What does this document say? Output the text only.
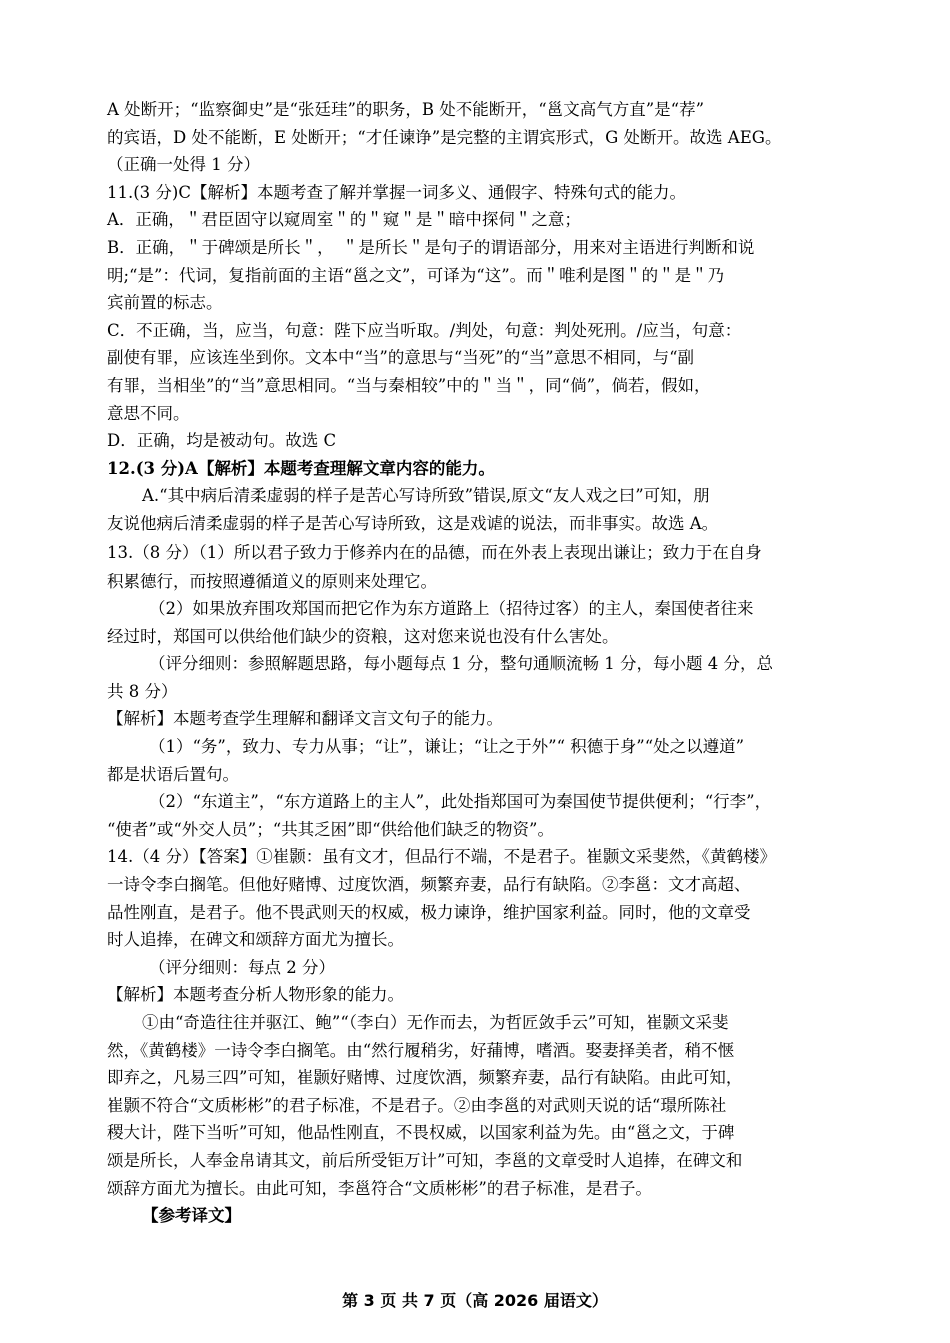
A 处断开；“监察御史”是“张廷珪”的职务，B 处不能断开，“邕文高气方直”是“荐”
的宾语，D 处不能断，E 处断开；“才任谏诤”是完整的主谓宾形式，G 处断开。故选 AEG。
（正确一处得 1 分）
11.(3 分)C【解析】本题考查了解并掌握一词多义、通假字、特殊句式的能力。
A．正确，＂君臣固守以窥周室＂的＂窥＂是＂暗中探伺＂之意；
B．正确，＂于碑颂是所长＂，　＂是所长＂是句子的谓语部分，用来对主语进行判断和说
明;“是”：代词，复指前面的主语“邕之文”，可译为“这”。而＂唯利是图＂的＂是＂乃
宾前置的标志。
C．不正确，当，应当，句意：陛下应当听取。/判处，句意：判处死刑。/应当，句意：
副使有罪，应该连坐到你。文本中“当”的意思与“当死”的“当”意思不相同，与“副
有罪，当相坐”的“当”意思相同。“当与秦相较”中的＂当＂，同“倘”，倘若，假如，
意思不同。
D．正确，均是被动句。故选 C
12.(3 分)A【解析】本题考查理解文章内容的能力。
A.“其中病后清柔虚弱的样子是苦心写诗所致”错误,原文“友人戏之曰”可知，朋
友说他病后清柔虚弱的样子是苦心写诗所致，这是戏谑的说法，而非事实。故选 A。
13.（8 分）（1）所以君子致力于修养内在的品德，而在外表上表现出谦让；致力于在自身
积累德行，而按照遵循道义的原则来处理它。
（2）如果放弃围攻郑国而把它作为东方道路上（招待过客）的主人，秦国使者往来
经过时，郑国可以供给他们缺少的资粮，这对您来说也没有什么害处。
（评分细则：参照解题思路，每小题每点 1 分，整句通顺流畅 1 分，每小题 4 分，总
共 8 分）
【解析】本题考查学生理解和翻译文言文句子的能力。
（1）“务”，致力、专力从事；“让”，谦让；“让之于外”“ 积德于身”“处之以遵道”
都是状语后置句。
（2）“东道主”，“东方道路上的主人”，此处指郑国可为秦国使节提供便利；“行李”，
“使者”或“外交人员”；“共其乏困”即“供给他们缺乏的物资”。
14.（4 分）【答案】①崔颢：虽有文才，但品行不端，不是君子。崔颢文采斐然，《黄鹤楼》
一诗令李白搁笔。但他好赌博、过度饮酒，频繁弃妻，品行有缺陷。②李邕：文才高超、
品性刚直，是君子。他不畏武则天的权威，极力谏诤，维护国家利益。同时，他的文章受
时人追捧，在碑文和颂辞方面尤为擅长。
（评分细则：每点 2 分）
【解析】本题考查分析人物形象的能力。
①由“奇造往往并驱江、鲍”“（李白）无作而去，为哲匠敛手云”可知，崔颢文采斐
然，《黄鹤楼》一诗令李白搁笔。由“然行履稍劣，好蒱博，嗜酒。娶妻择美者，稍不惬
即弃之，凡易三四”可知，崔颢好赌博、过度饮酒，频繁弃妻，品行有缺陷。由此可知，
崔颢不符合“文质彬彬”的君子标准，不是君子。②由李邕的对武则天说的话“璟所陈社
稷大计，陛下当听”可知，他品性刚直，不畏权威，以国家利益为先。由“邕之文，于碑
颂是所长，人奉金帛请其文，前后所受钜万计”可知，李邕的文章受时人追捧，在碑文和
颂辞方面尤为擅长。由此可知，李邕符合“文质彬彬”的君子标准，是君子。
【参考译文】
第 3 页 共 7 页（高 2026 届语文）
